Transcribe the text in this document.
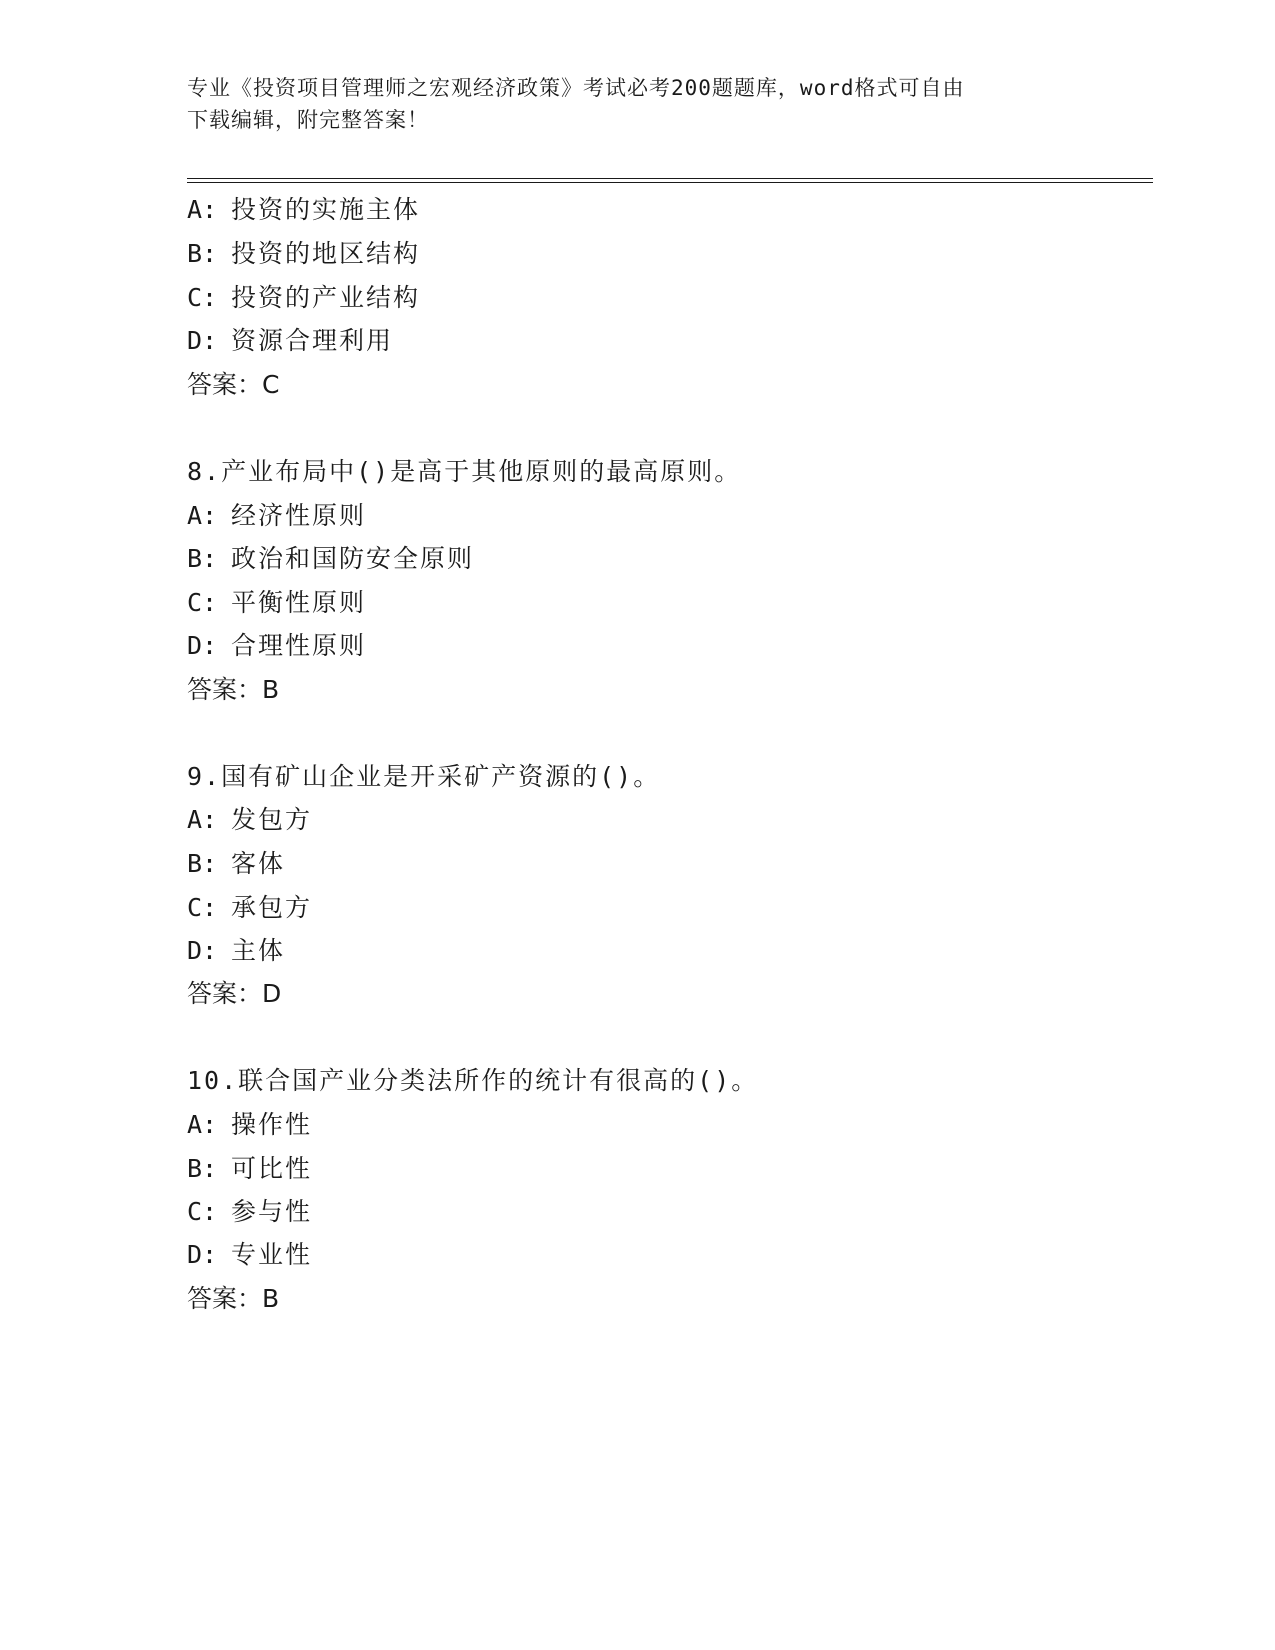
专业《投资项目管理师之宏观经济政策》考试必考200题题库，word格式可自由
下载编辑，附完整答案！
A: 投资的实施主体
B: 投资的地区结构
C: 投资的产业结构
D: 资源合理利用
答案：C
8.产业布局中()是高于其他原则的最高原则。
A: 经济性原则
B: 政治和国防安全原则
C: 平衡性原则
D: 合理性原则
答案：B
9.国有矿山企业是开采矿产资源的()。
A: 发包方
B: 客体
C: 承包方
D: 主体
答案：D
10.联合国产业分类法所作的统计有很高的()。
A: 操作性
B: 可比性
C: 参与性
D: 专业性
答案：B
